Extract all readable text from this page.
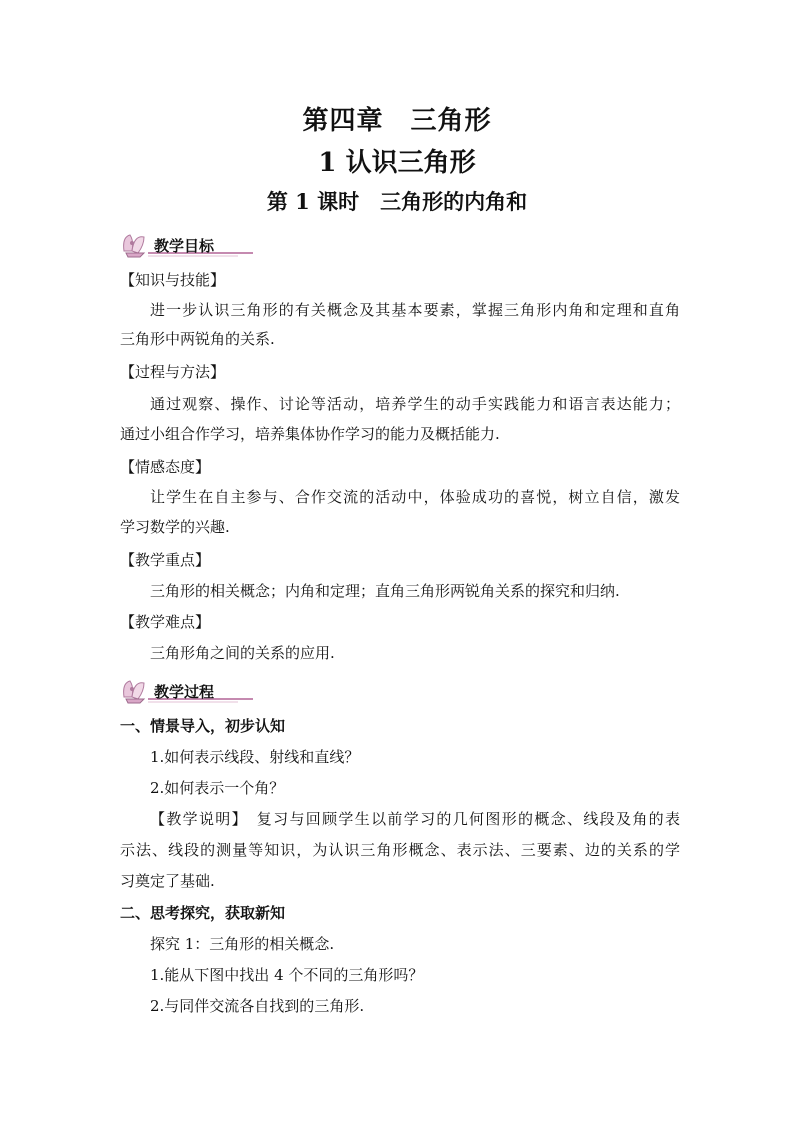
第四章　三角形
1 认识三角形
第 1 课时　三角形的内角和
教学目标
【知识与技能】
进一步认识三角形的有关概念及其基本要素，掌握三角形内角和定理和直角
三角形中两锐角的关系.
【过程与方法】
通过观察、操作、讨论等活动，培养学生的动手实践能力和语言表达能力；
通过小组合作学习，培养集体协作学习的能力及概括能力.
【情感态度】
让学生在自主参与、合作交流的活动中，体验成功的喜悦，树立自信，激发
学习数学的兴趣.
【教学重点】
三角形的相关概念；内角和定理；直角三角形两锐角关系的探究和归纳.
【教学难点】
三角形角之间的关系的应用.
教学过程
一、情景导入，初步认知
1.如何表示线段、射线和直线？
2.如何表示一个角？
【教学说明】　复习与回顾学生以前学习的几何图形的概念、线段及角的表
示法、线段的测量等知识，为认识三角形概念、表示法、三要素、边的关系的学
习奠定了基础.
二、思考探究，获取新知
探究 1：三角形的相关概念.
1.能从下图中找出 4 个不同的三角形吗？
2.与同伴交流各自找到的三角形.
